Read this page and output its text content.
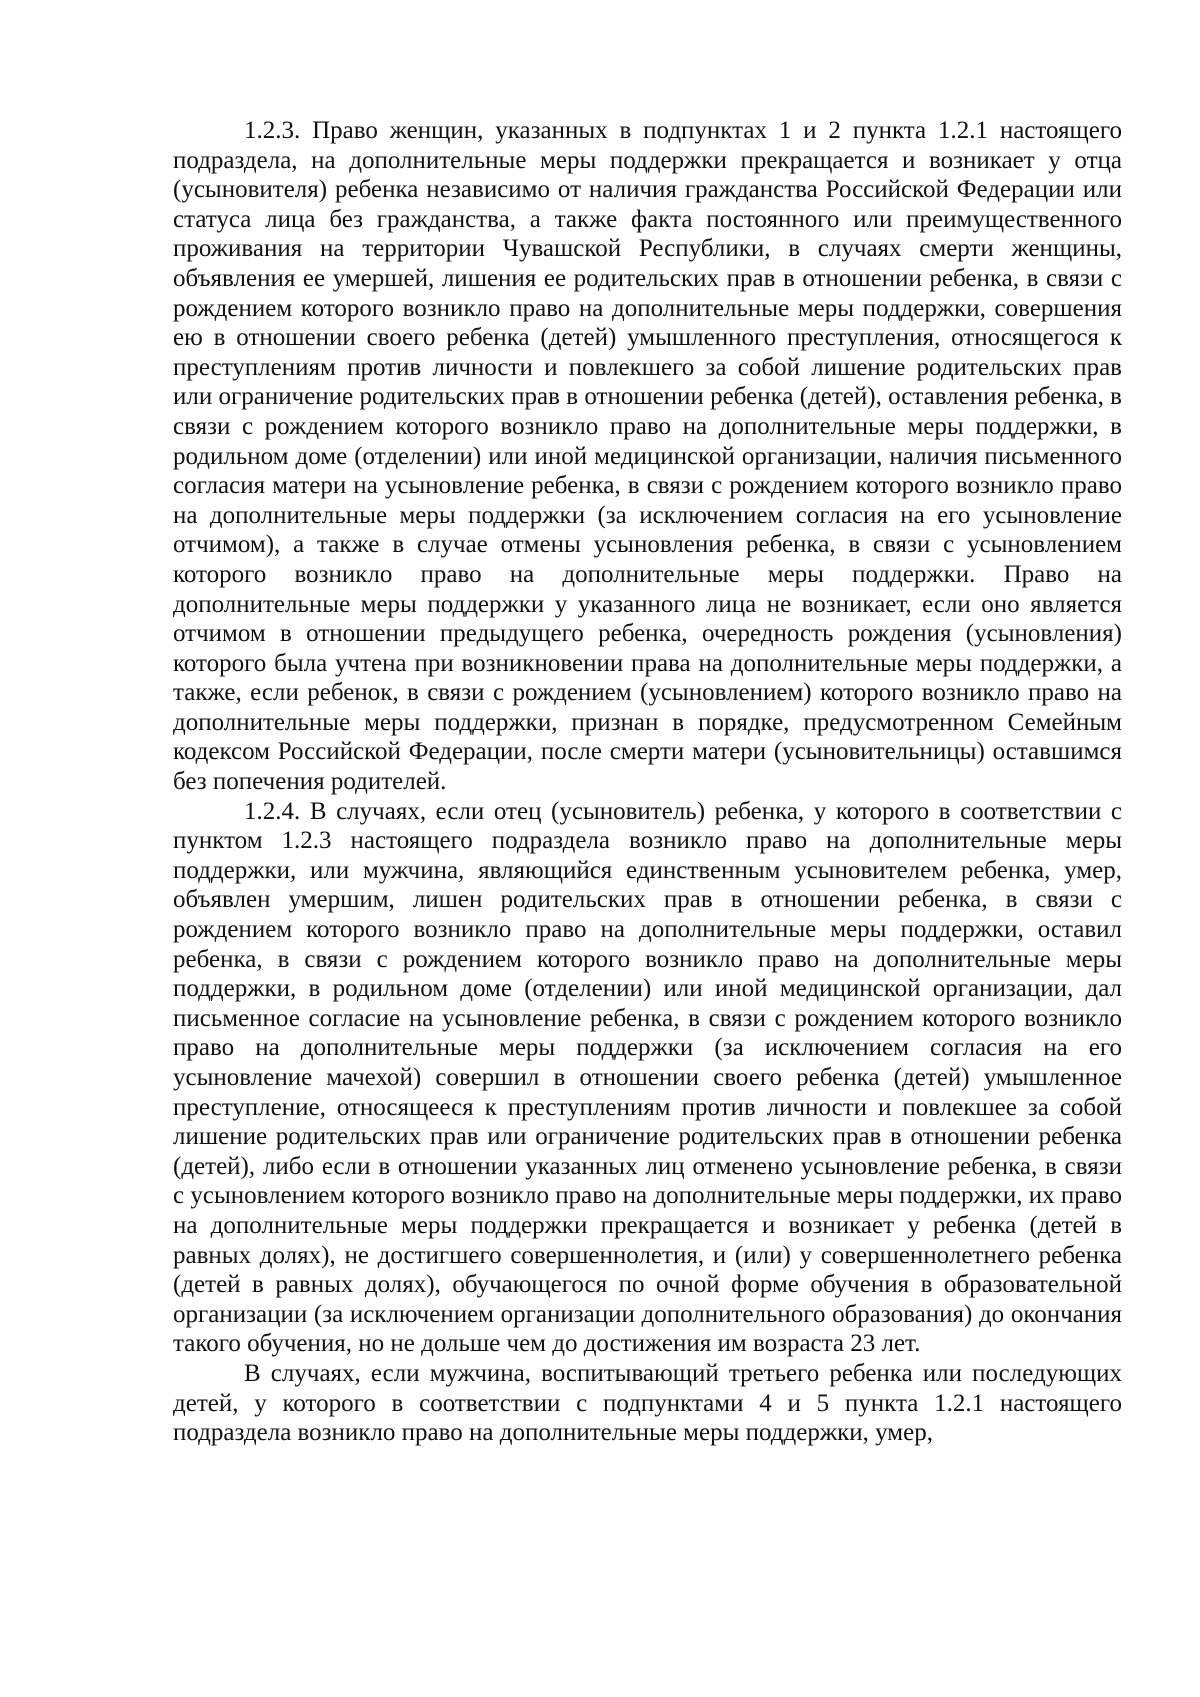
1.2.3. Право женщин, указанных в подпунктах 1 и 2 пункта 1.2.1 настоящего подраздела, на дополнительные меры поддержки прекращается и возникает у отца (усыновителя) ребенка независимо от наличия гражданства Российской Федерации или статуса лица без гражданства, а также факта постоянного или преимущественного проживания на территории Чувашской Республики, в случаях смерти женщины, объявления ее умершей, лишения ее родительских прав в отношении ребенка, в связи с рождением которого возникло право на дополнительные меры поддержки, совершения ею в отношении своего ребенка (детей) умышленного преступления, относящегося к преступлениям против личности и повлекшего за собой лишение родительских прав или ограничение родительских прав в отношении ребенка (детей), оставления ребенка, в связи с рождением которого возникло право на дополнительные меры поддержки, в родильном доме (отделении) или иной медицинской организации, наличия письменного согласия матери на усыновление ребенка, в связи с рождением которого возникло право на дополнительные меры поддержки (за исключением согласия на его усыновление отчимом), а также в случае отмены усыновления ребенка, в связи с усыновлением которого возникло право на дополнительные меры поддержки. Право на дополнительные меры поддержки у указанного лица не возникает, если оно является отчимом в отношении предыдущего ребенка, очередность рождения (усыновления) которого была учтена при возникновении права на дополнительные меры поддержки, а также, если ребенок, в связи с рождением (усыновлением) которого возникло право на дополнительные меры поддержки, признан в порядке, предусмотренном Семейным кодексом Российской Федерации, после смерти матери (усыновительницы) оставшимся без попечения родителей.

1.2.4. В случаях, если отец (усыновитель) ребенка, у которого в соответствии с пунктом 1.2.3 настоящего подраздела возникло право на дополнительные меры поддержки, или мужчина, являющийся единственным усыновителем ребенка, умер, объявлен умершим, лишен родительских прав в отношении ребенка, в связи с рождением которого возникло право на дополнительные меры поддержки, оставил ребенка, в связи с рождением которого возникло право на дополнительные меры поддержки, в родильном доме (отделении) или иной медицинской организации, дал письменное согласие на усыновление ребенка, в связи с рождением которого возникло право на дополнительные меры поддержки (за исключением согласия на его усыновление мачехой) совершил в отношении своего ребенка (детей) умышленное преступление, относящееся к преступлениям против личности и повлекшее за собой лишение родительских прав или ограничение родительских прав в отношении ребенка (детей), либо если в отношении указанных лиц отменено усыновление ребенка, в связи с усыновлением которого возникло право на дополнительные меры поддержки, их право на дополнительные меры поддержки прекращается и возникает у ребенка (детей в равных долях), не достигшего совершеннолетия, и (или) у совершеннолетнего ребенка (детей в равных долях), обучающегося по очной форме обучения в образовательной организации (за исключением организации дополнительного образования) до окончания такого обучения, но не дольше чем до достижения им возраста 23 лет.

В случаях, если мужчина, воспитывающий третьего ребенка или последующих детей, у которого в соответствии с подпунктами 4 и 5 пункта 1.2.1 настоящего подраздела возникло право на дополнительные меры поддержки, умер,
